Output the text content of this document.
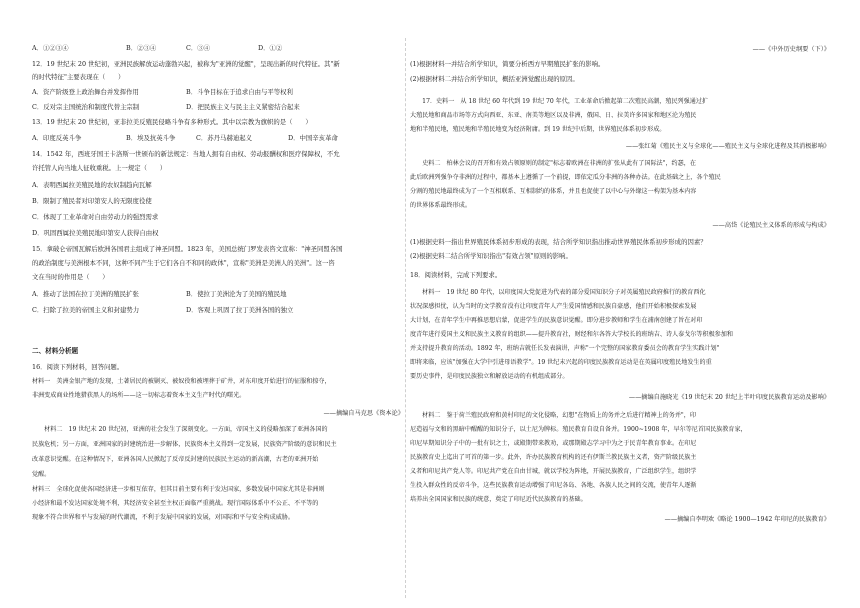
A．①②③④	B．②③④	C．③④	D．①②
12．19 世纪末 20 世纪初，亚洲民族解放运动蓬勃兴起，被称为"亚洲的觉醒"，呈现出新的时代特征。其"新
的时代特征"主要表现在（　　）
A．资产阶级登上政治舞台并发挥作用	B．斗争目标在于追求自由与平等权利
C．反对宗主国统治和制度代替主宗制	D．把民族主义与民主主义紧密结合起来
13．19 世纪末 20 世纪初，亚非拉美反殖民侵略斗争有多种形式。其中以宗教为旗帜的是（　　）
A．印度反英斗争	B．埃及抗英斗争	C．苏丹马赫迪起义	D．中国辛亥革命
14．1542 年，西班牙国王卡洛斯一世颁布的新法规定：当地人拥有自由权、劳动报酬权和医疗保障权，不允
许托管人向当地人征收重税。上一规定（　　）
A．表明西属拉美殖民地的农奴制趋向瓦解
B．限制了殖民者对印第安人的无限度役使
C．体现了工业革命对自由劳动力的强烈需求
D．巩固西属拉美殖民地印第安人获得自由权
15．拿破仑帝国瓦解后欧洲各国君主组成了神圣同盟。1823 年，美国总统门罗发表咨文宣称："神圣同盟各国
的政治制度与美洲根本不同，这种不同产生于它们各自不和同的政体"，宣称"美洲是美洲人的美洲"。这一咨
文在当时的作用是（　　）
A．推动了法国在拉丁美洲的殖民扩张	B．使拉丁美洲沦为了美国的殖民地
C．扫除了拉美的帝国主义和封建势力	D．客观上巩固了拉丁美洲各国的独立
二、材料分析题
16．阅读下列材料，回答问题。
材料一　美洲金银产地的发现，土著居民的被剿灭、被奴役和被埋葬于矿井，对东印度开始进行的征服和掠夺，
非洲变成商业性地猎获黑人的场所——这一切标志着资本主义生产时代的曙光。
——摘编自马克思《资本论》
　　材料二　19 世纪末 20 世纪初，亚洲的社会发生了深刻变化。一方面，帝国主义的侵略加深了亚洲各国的
民族危机；另一方面，亚洲国家的封建统治进一步解体，民族资本主义得到一定发展，民族资产阶级的意识和民主
改革意识觉醒。在这种情况下，亚洲各国人民掀起了反帝反封建的民族民主运动的新高潮，古老的亚洲开始
觉醒。
材料三　全球化促使各国经济进一步相互依存，但其目前主要有利于发达国家，多数发展中国家尤其是非洲则
小经济和最不发达国家处境不利，其经济安全甚至主权正面临严重挑战。现行国际体系中不公正、不平等的
现象不符合世界和平与发展的时代潮流，不利于发展中国家的发展，对国际和平与安全构成威胁。
——《中外历史纲要（下）》
(1)根据材料一并结合所学知识，简要分析西方早期殖民扩张的影响。
(2)根据材料二并结合所学知识，概括亚洲觉醒出现的原因。
　　17．史料一　从 18 世纪 60 年代到 19 世纪 70 年代，工业革命后掀起第二次殖民高潮，殖民列强通过扩
大殖民地和商品市场等方式向西亚、东亚、南美等地区以及非洲，俄国、日、拉美许多国家和地区沦为殖民
地和半殖民地，殖民地和半殖民地变为经济附庸。到 19 世纪中后期，世界殖民体系初步形成。
——张红菊《殖民主义与全球化——殖民主义与全球化进程及其消极影响》
　　史料二　柏林会议的召开和有效占领原则的制定"标志着欧洲在非洲的扩张从此有了国际法"，约瑟，在
此后欧洲列强争夺非洲的过程中，都基本上遵循了一个前提，即依定瓜分非洲的各种办法。在此基础之上，各个殖民
分割的殖民地最终成为了一个互相联系、互相制约的体系，并且也促使了以中心与外缘这一构架为基本内容
的世界体系最终形成。
——高岱《论殖民主义体系的形成与构成》
(1)根据史料一指出世界殖民体系初步形成的表现，结合所学知识指出推动世界殖民体系初步形成的因素？
(2)根据史料二结合所学知识指出"有效占领"原则的影响。
18．阅读材料，完成下列要求。
　　材料一　19 世纪 80 年代，以印度国大党促进为代表的部分爱国知识分子对英属殖民政府推行的教育西化
状况深感担忧，认为当时的文学教育没有让印度青年人产生爱国情感和民族自豪感，他们开始积极探索发展
大计划，在青年学生中再推思想启蒙，促进学生的民族意识觉醒。即分进步教师和学生在浦南创建了旨在对印
度青年进行爱国主义和民族主义教育的组织——提升教育社，财经和尔各答大学校长的班纳吉、诗人泰戈尔等积极参加和
并支持提升教育的活动。1892 年，班纳吉就任长发表演讲，声称"一个完整的国家教育委员会的教育学生实践计划"
即将来临，应该"加强在大学中引进母语教学"。19 世纪末兴起的印度民族教育运动是在英属印度殖民地发生的重
要历史事件，是印度民族独立和解放运动的有机组成部分。
——摘编自施晓光《19 世纪末 20 世纪上半叶印度民族教育运动及影响》
　　材料二　鉴于荷兰殖民政府和黄村印尼的文化侵略，幻想"在物质上的务并之后进行精神上的务并"，印
尼造福与文和的黑暗中醒醒的知识分子，以土尼为牌标。殖民教育自设自备并。1900~1908 年，早尔等尼首国民族教育家，
印尼早期知识分子中的一批有识之士，或殿期带来教劝，或那期殿志学习中为之于民青年教育事业。在印尼
民族教育史上迄出了可首的第一步。此外，许办民族教育机构的还有伊斯兰教民族主义者，资产阶级民族主
义者和印尼共产党人等。印尼共产党在自由甘城，就以学校为阵地，开展民族教育，广泛组织学生，组织学
生投入群众性的反帝斗争，这些民族教育运动增强了印尼各岛、各地、各族人民之间的交流，使青年人逐渐
培养出全国国家和民族的统意，奠定了印尼近代民族教育的基础。
——摘编自李明欢《略论 1900—1942 年印尼的民族教育》
